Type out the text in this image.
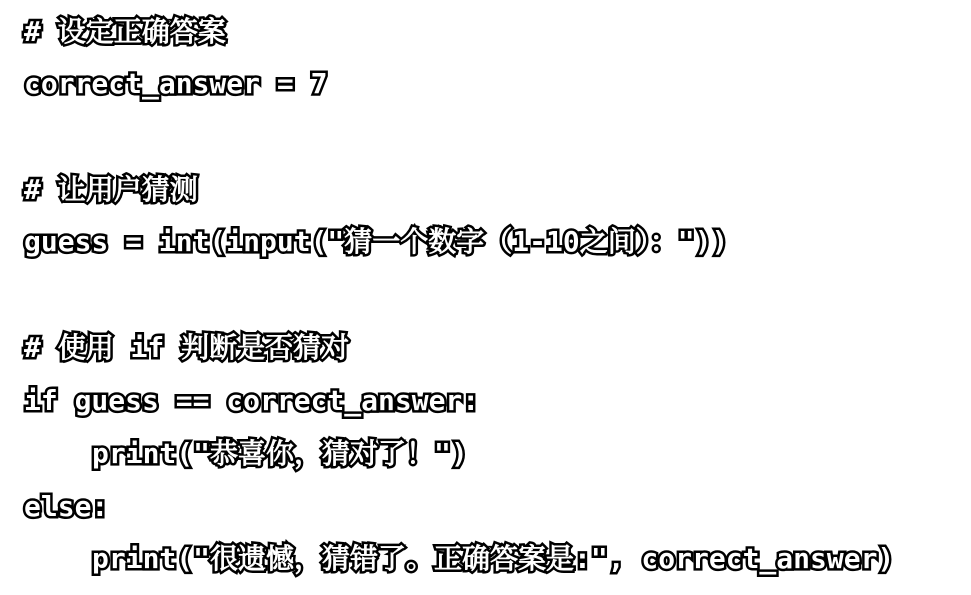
# 设定正确答案
correct_answer = 7
# 让用户猜测
guess = int(input("猜一个数字（1-10之间）："))
# 使用 if 判断是否猜对
if guess == correct_answer:
print("恭喜你，猜对了！")
else:
print("很遗憾，猜错了。正确答案是:", correct_answer)
